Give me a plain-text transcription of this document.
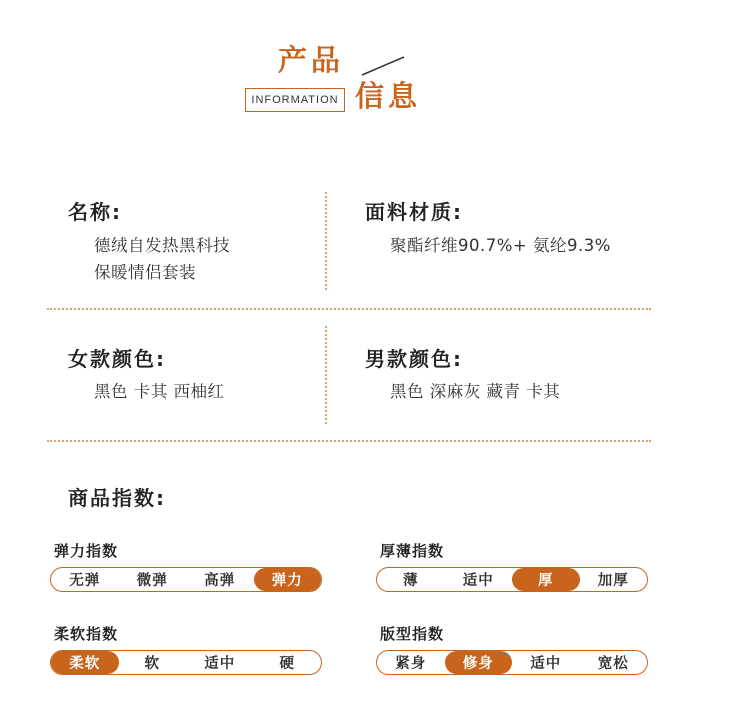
产品
INFORMATION 信息
名称:
德绒自发热黑科技
保暖情侣套装
面料材质:
聚酯纤维90.7%+ 氨纶9.3%
女款颜色:
黑色 卡其 西柚红
男款颜色:
黑色 深麻灰 藏青 卡其
商品指数:
弹力指数
无弹	微弹	高弹	弹力
厚薄指数
薄	适中	厚	加厚
柔软指数
柔软	软	适中	硬
版型指数
紧身	修身	适中	宽松
